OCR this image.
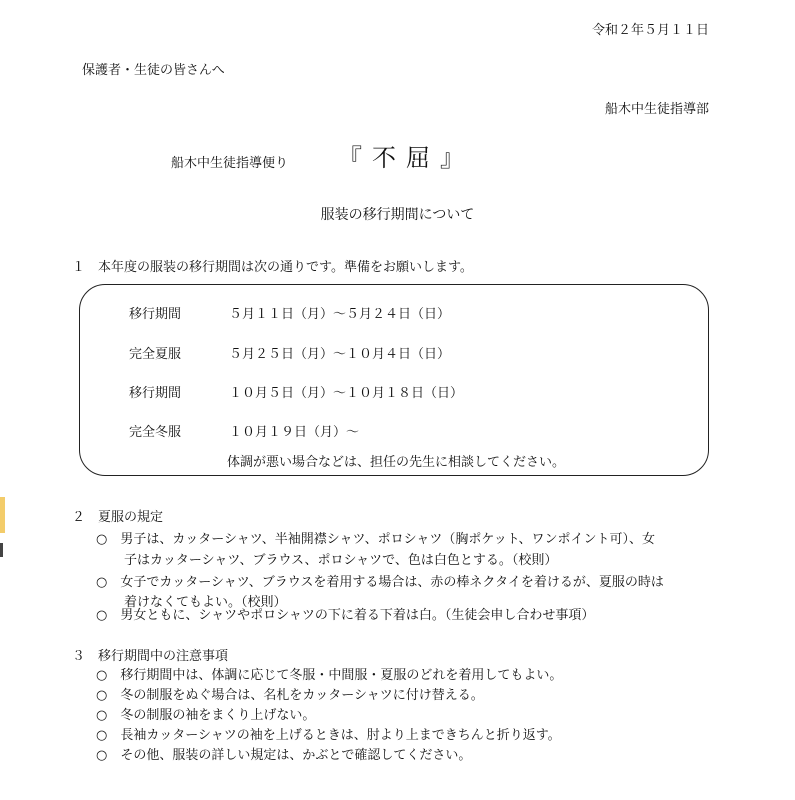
令和２年５月１１日
保護者・生徒の皆さんへ
船木中生徒指導部
船木中生徒指導便り 『不屈』
服装の移行期間について
１ 本年度の服装の移行期間は次の通りです。準備をお願いします。
移行期間	５月１１日（月）～５月２４日（日）
完全夏服	５月２５日（月）～１０月４日（日）
移行期間	１０月５日（月）～１０月１８日（日）
完全冬服	１０月１９日（月）～
体調が悪い場合などは、担任の先生に相談してください。
２ 夏服の規定
○　男子は、カッターシャツ、半袖開襟シャツ、ポロシャツ（胸ポケット、ワンポイント可）、女
子はカッターシャツ、ブラウス、ポロシャツで、色は白色とする。（校則）
○　女子でカッターシャツ、ブラウスを着用する場合は、赤の棒ネクタイを着けるが、夏服の時は
着けなくてもよい。（校則）
○　男女ともに、シャツやポロシャツの下に着る下着は白。（生徒会申し合わせ事項）
３ 移行期間中の注意事項
○　移行期間中は、体調に応じて冬服・中間服・夏服のどれを着用してもよい。
○　冬の制服をぬぐ場合は、名札をカッターシャツに付け替える。
○　冬の制服の袖をまくり上げない。
○　長袖カッターシャツの袖を上げるときは、肘より上まできちんと折り返す。
○　その他、服装の詳しい規定は、かぶとで確認してください。
